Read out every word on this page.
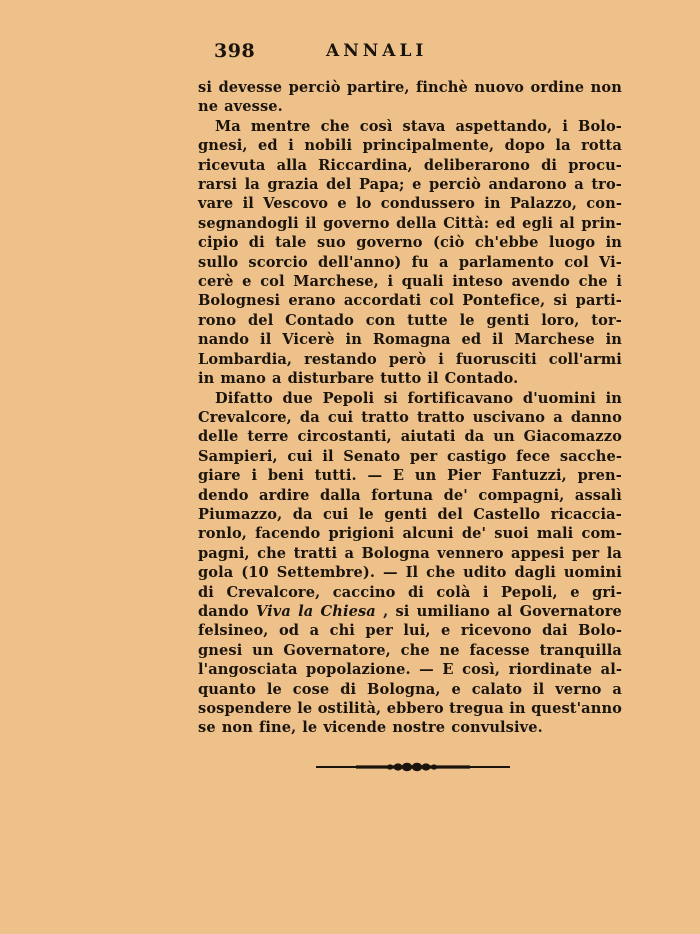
398	ANNALI
si devesse perciò partire, finchè nuovo ordine non
ne avesse.
Ma mentre che così stava aspettando, i Bolo-
gnesi, ed i nobili principalmente, dopo la rotta
ricevuta alla Riccardina, deliberarono di procu-
rarsi la grazia del Papa; e perciò andarono a tro-
vare il Vescovo e lo condussero in Palazzo, con-
segnandogli il governo della Città: ed egli al prin-
cipio di tale suo governo (ciò ch'ebbe luogo in
sullo scorcio dell'anno) fu a parlamento col Vi-
cerè e col Marchese, i quali inteso avendo che i
Bolognesi erano accordati col Pontefice, si parti-
rono del Contado con tutte le genti loro, tor-
nando il Vicerè in Romagna ed il Marchese in
Lombardia, restando però i fuorusciti coll'armi
in mano a disturbare tutto il Contado.
Difatto due Pepoli si fortificavano d'uomini in
Crevalcore, da cui tratto tratto uscivano a danno
delle terre circostanti, aiutati da un Giacomazzo
Sampieri, cui il Senato per castigo fece sacche-
giare i beni tutti. — E un Pier Fantuzzi, pren-
dendo ardire dalla fortuna de' compagni, assalì
Piumazzo, da cui le genti del Castello ricaccia-
ronlo, facendo prigioni alcuni de' suoi mali com-
pagni, che tratti a Bologna vennero appesi per la
gola (10 Settembre). — Il che udito dagli uomini
di Crevalcore, caccino di colà i Pepoli, e gri-
dando Viva la Chiesa , si umiliano al Governatore
felsineo, od a chi per lui, e ricevono dai Bolo-
gnesi un Governatore, che ne facesse tranquilla
l'angosciata popolazione. — E così, riordinate al-
quanto le cose di Bologna, e calato il verno a
sospendere le ostilità, ebbero tregua in quest'anno
se non fine, le vicende nostre convulsive.
